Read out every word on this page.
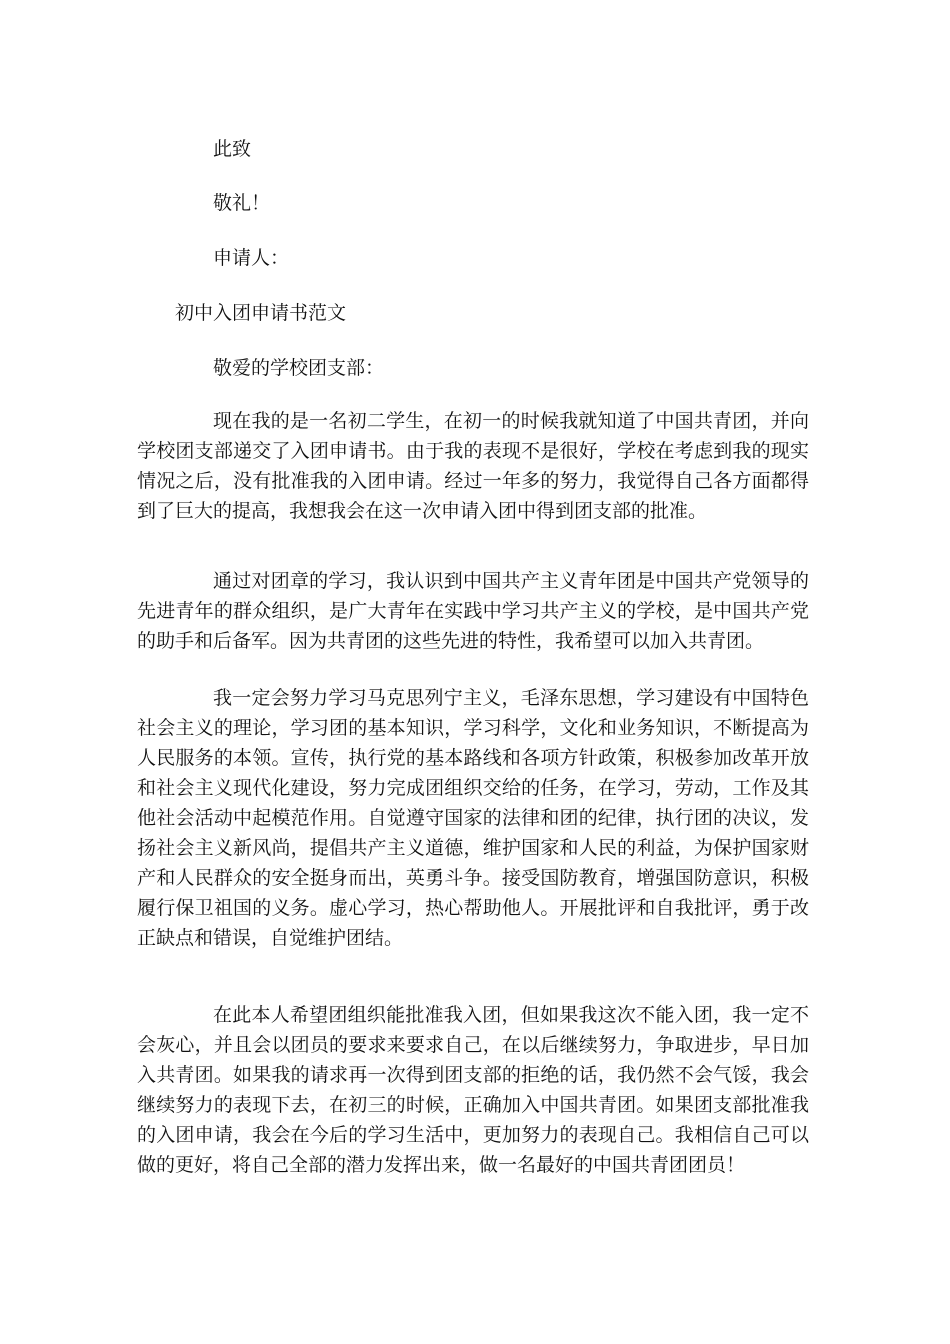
此致
敬礼！
申请人：
初中入团申请书范文
敬爱的学校团支部：

现在我的是一名初二学生，在初一的时候我就知道了中国共青团，并向学校团支部递交了入团申请书。由于我的表现不是很好，学校在考虑到我的现实情况之后，没有批准我的入团申请。经过一年多的努力，我觉得自己各方面都得到了巨大的提高，我想我会在这一次申请入团中得到团支部的批准。

通过对团章的学习，我认识到中国共产主义青年团是中国共产党领导的先进青年的群众组织，是广大青年在实践中学习共产主义的学校，是中国共产党的助手和后备军。因为共青团的这些先进的特性，我希望可以加入共青团。

我一定会努力学习马克思列宁主义，毛泽东思想，学习建设有中国特色社会主义的理论，学习团的基本知识，学习科学，文化和业务知识，不断提高为人民服务的本领。宣传，执行党的基本路线和各项方针政策，积极参加改革开放和社会主义现代化建设，努力完成团组织交给的任务，在学习，劳动，工作及其他社会活动中起模范作用。自觉遵守国家的法律和团的纪律，执行团的决议，发扬社会主义新风尚，提倡共产主义道德，维护国家和人民的利益，为保护国家财产和人民群众的安全挺身而出，英勇斗争。接受国防教育，增强国防意识，积极履行保卫祖国的义务。虚心学习，热心帮助他人。开展批评和自我批评，勇于改正缺点和错误，自觉维护团结。

在此本人希望团组织能批准我入团，但如果我这次不能入团，我一定不会灰心，并且会以团员的要求来要求自己，在以后继续努力，争取进步，早日加入共青团。如果我的请求再一次得到团支部的拒绝的话，我仍然不会气馁，我会继续努力的表现下去，在初三的时候，正确加入中国共青团。如果团支部批准我的入团申请，我会在今后的学习生活中，更加努力的表现自己。我相信自己可以做的更好，将自己全部的潜力发挥出来，做一名最好的中国共青团团员！
